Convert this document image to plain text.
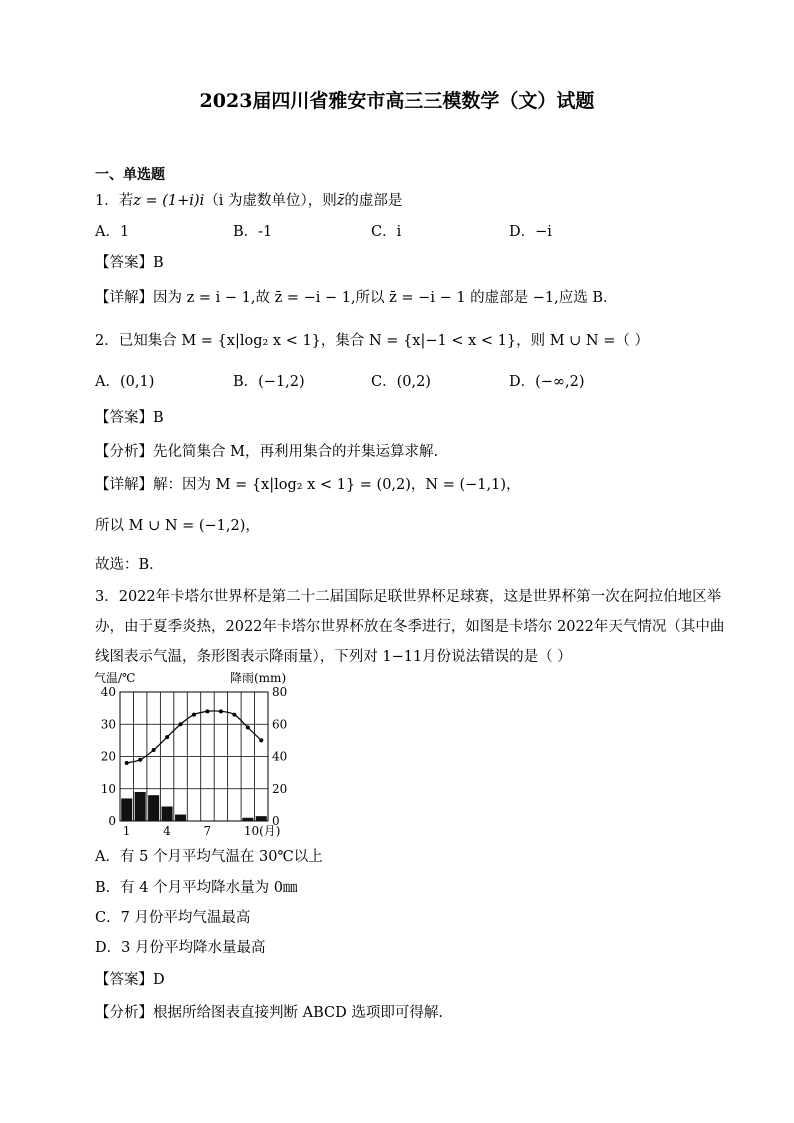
2023届四川省雅安市高三三模数学（文）试题
一、单选题
1．若z = (1+i)i（i 为虚数单位），则z̄的虚部是
A．1	B．-1	C．i	D．−i
【答案】B
【详解】因为 z = i − 1,故 z̄ = −i − 1,所以 z̄ = −i − 1 的虚部是 −1,应选 B．
2．已知集合 M = {x|log₂ x < 1}，集合 N = {x|−1 < x < 1}，则 M ∪ N =（ ）
A．(0,1)	B．(−1,2)	C．(0,2)	D．(−∞,2)
【答案】B
【分析】先化简集合 M，再利用集合的并集运算求解.
【详解】解：因为 M = {x|log₂ x < 1} = (0,2)，N = (−1,1)，
所以 M ∪ N = (−1,2)，
故选：B．
3．2022年卡塔尔世界杯是第二十二届国际足联世界杯足球赛，这是世界杯第一次在阿拉伯地区举
办，由于夏季炎热，2022年卡塔尔世界杯放在冬季进行，如图是卡塔尔 2022年天气情况（其中曲
线图表示气温，条形图表示降雨量），下列对 1−11月份说法错误的是（ ）
气温/℃	降雨(mm)
0
10
20
30
40
0
20
40
60
80
1	4	7	10(月)
A．有 5 个月平均气温在 30℃以上
B．有 4 个月平均降水量为 0㎜
C．7 月份平均气温最高
D．3 月份平均降水量最高
【答案】D
【分析】根据所给图表直接判断 ABCD 选项即可得解.
